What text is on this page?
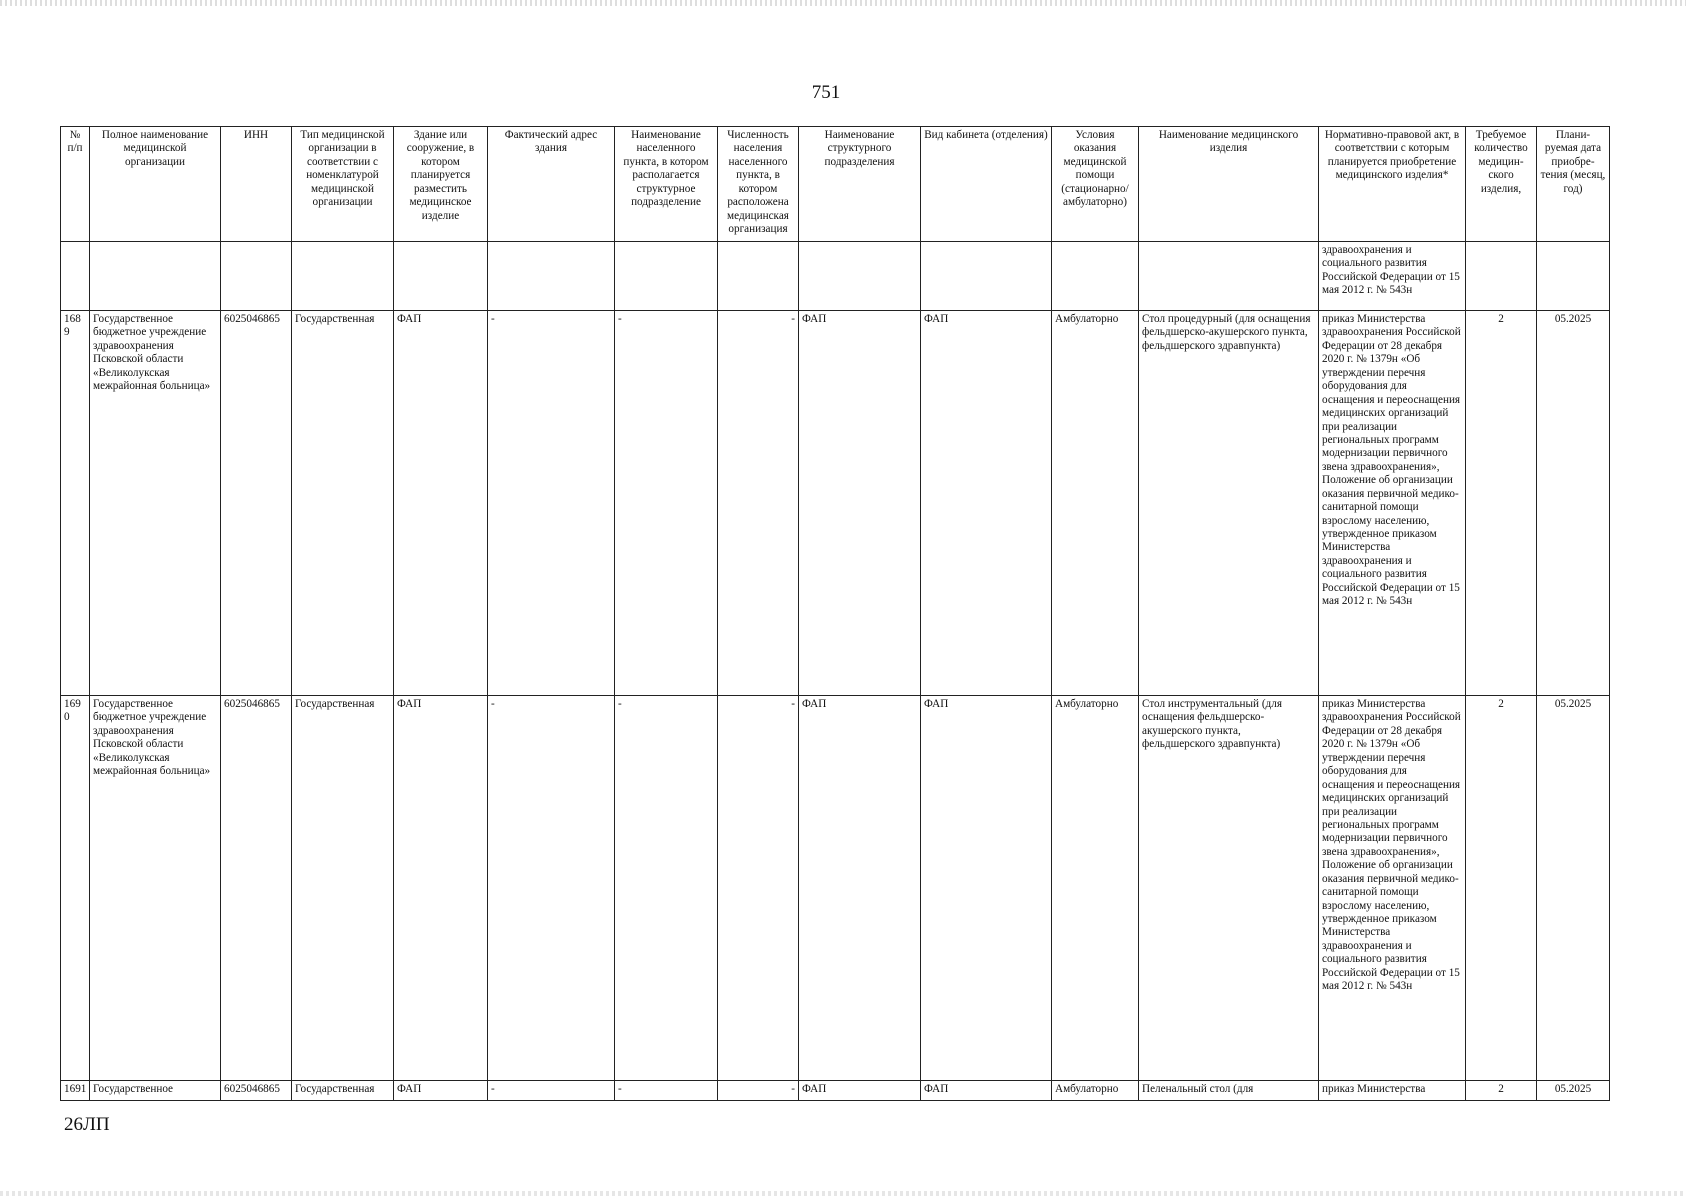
751
№ п/п	Полное наименование медицинской организации	ИНН	Тип медицинской организации в соответствии с номенклатурой медицинской организации	Здание или сооружение, в котором планируется разместить медицинское изделие	Фактический адрес здания	Наименование населенного пункта, в котором располагается структурное подразделение	Численность населения населенного пункта, в котором расположена медицинская организация	Наименование структурного подразделения	Вид кабинета (отделения)	Условия оказания медицинской помощи (стационарно/ амбулаторно)	Наименование медицинского изделия	Нормативно-правовой акт, в соответствии с которым планируется приобретение медицинского изделия*	Требуемое количество медицин-ского изделия,	Плани-руемая дата приобре-тения (месяц, год)
												здравоохранения и социального развития Российской Федерации от 15 мая 2012 г. № 543н		
1689	Государственное бюджетное учреждение здравоохранения Псковской области «Великолукская межрайонная больница»	6025046865	Государственная	ФАП	-	-	-	ФАП	ФАП	Амбулаторно	Стол процедурный (для оснащения фельдшерско-акушерского пункта, фельдшерского здравпункта)	приказ Министерства здравоохранения Российской Федерации от 28 декабря 2020 г. № 1379н «Об утверждении перечня оборудования для оснащения и переоснащения медицинских организаций при реализации региональных программ модернизации первичного звена здравоохранения», Положение об организации оказания первичной медико-санитарной помощи взрослому населению, утвержденное приказом Министерства здравоохранения и социального развития Российской Федерации от 15 мая 2012 г. № 543н	2	05.2025
1690	Государственное бюджетное учреждение здравоохранения Псковской области «Великолукская межрайонная больница»	6025046865	Государственная	ФАП	-	-	-	ФАП	ФАП	Амбулаторно	Стол инструментальный (для оснащения фельдшерско-акушерского пункта, фельдшерского здравпункта)	приказ Министерства здравоохранения Российской Федерации от 28 декабря 2020 г. № 1379н «Об утверждении перечня оборудования для оснащения и переоснащения медицинских организаций при реализации региональных программ модернизации первичного звена здравоохранения», Положение об организации оказания первичной медико-санитарной помощи взрослому населению, утвержденное приказом Министерства здравоохранения и социального развития Российской Федерации от 15 мая 2012 г. № 543н	2	05.2025
1691	Государственное	6025046865	Государственная	ФАП	-	-	-	ФАП	ФАП	Амбулаторно	Пеленальный стол (для	приказ Министерства	2	05.2025
26ЛП
